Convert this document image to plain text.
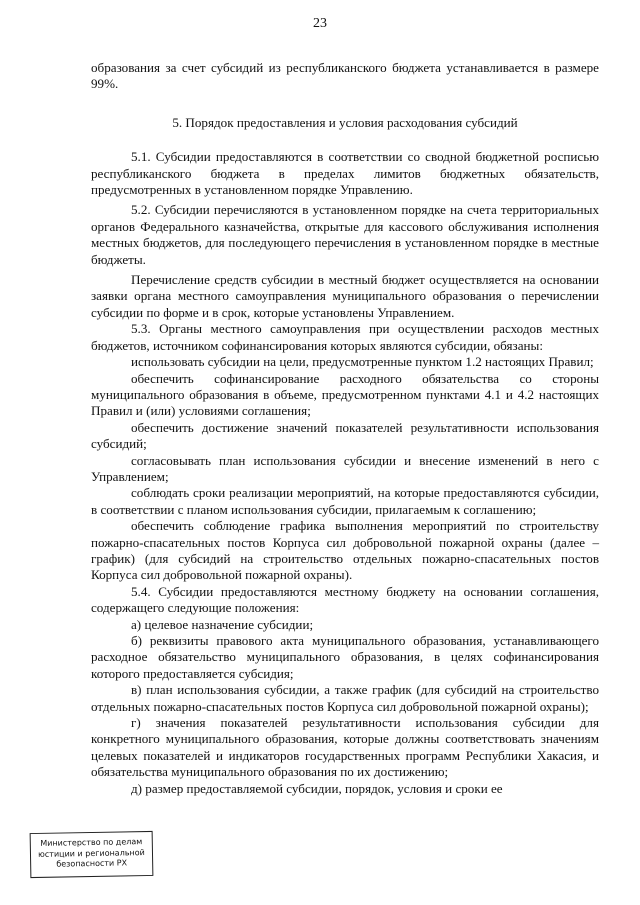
23

образования за счет субсидий из республиканского бюджета устанавливается в размере 99%.

5. Порядок предоставления и условия расходования субсидий

5.1. Субсидии предоставляются в соответствии со сводной бюджетной росписью республиканского бюджета в пределах лимитов бюджетных обязательств, предусмотренных в установленном порядке Управлению.

5.2. Субсидии перечисляются в установленном порядке на счета территориальных органов Федерального казначейства, открытые для кассового обслуживания исполнения местных бюджетов, для последующего перечисления в установленном порядке в местные бюджеты.

Перечисление средств субсидии в местный бюджет осуществляется на основании заявки органа местного самоуправления муниципального образования о перечислении субсидии по форме и в срок, которые установлены Управлением.

5.3. Органы местного самоуправления при осуществлении расходов местных бюджетов, источником софинансирования которых являются субсидии, обязаны:

использовать субсидии на цели, предусмотренные пунктом 1.2 настоящих Правил;

обеспечить софинансирование расходного обязательства со стороны муниципального образования в объеме, предусмотренном пунктами 4.1 и 4.2 настоящих Правил и (или) условиями соглашения;

обеспечить достижение значений показателей результативности использования субсидий;

согласовывать план использования субсидии и внесение изменений в него с Управлением;

соблюдать сроки реализации мероприятий, на которые предоставляются субсидии, в соответствии с планом использования субсидии, прилагаемым к соглашению;

обеспечить соблюдение графика выполнения мероприятий по строительству пожарно-спасательных постов Корпуса сил добровольной пожарной охраны (далее – график) (для субсидий на строительство отдельных пожарно-спасательных постов Корпуса сил добровольной пожарной охраны).

5.4. Субсидии предоставляются местному бюджету на основании соглашения, содержащего следующие положения:

а) целевое назначение субсидии;

б) реквизиты правового акта муниципального образования, устанавливающего расходное обязательство муниципального образования, в целях софинансирования которого предоставляется субсидия;

в) план использования субсидии, а также график (для субсидий на строительство отдельных пожарно-спасательных постов Корпуса сил добровольной пожарной охраны);

г) значения показателей результативности использования субсидии для конкретного муниципального образования, которые должны соответствовать значениям целевых показателей и индикаторов государственных программ Республики Хакасия, и обязательства муниципального образования по их достижению;

д) размер предоставляемой субсидии, порядок, условия и сроки ее

Министерство по делам
юстиции и региональной
безопасности РХ
